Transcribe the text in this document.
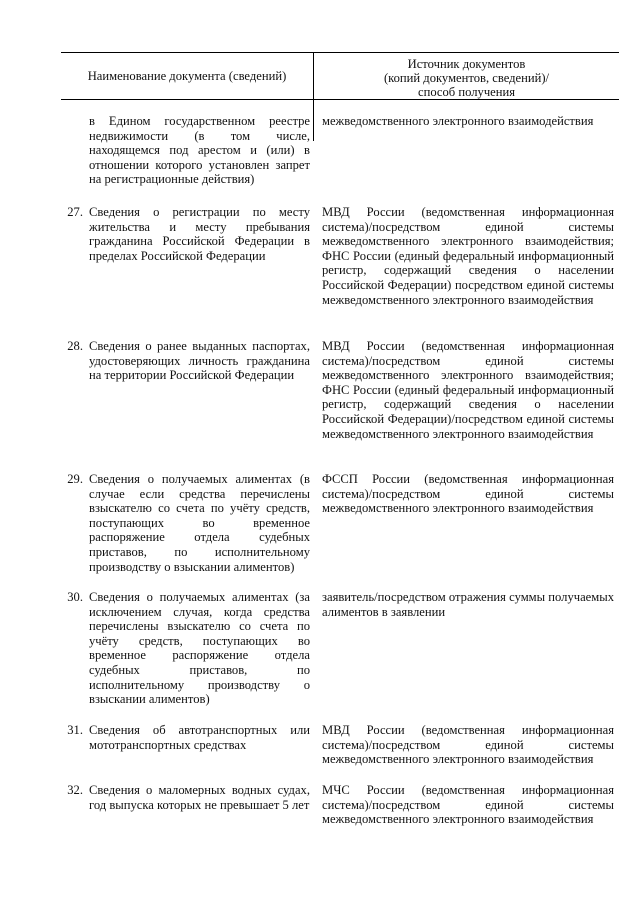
Наименование документа (сведений)
Источник документов
(копий документов, сведений)/
способ получения
в Едином государственном реестре недвижимости (в том числе, находящемся под арестом и (или) в отношении которого установлен запрет на регистрационные действия)
межведомственного электронного взаимодействия
27. Сведения о регистрации по месту жительства и месту пребывания гражданина Российской Федерации в пределах Российской Федерации
МВД России (ведомственная информационная система)/посредством единой системы межведомственного электронного взаимодействия; ФНС России (единый федеральный информационный регистр, содержащий сведения о населении Российской Федерации) посредством единой системы межведомственного электронного взаимодействия
28. Сведения о ранее выданных паспортах, удостоверяющих личность гражданина на территории Российской Федерации
МВД России (ведомственная информационная система)/посредством единой системы межведомственного электронного взаимодействия; ФНС России (единый федеральный информационный регистр, содержащий сведения о населении Российской Федерации)/посредством единой системы межведомственного электронного взаимодействия
29. Сведения о получаемых алиментах (в случае если средства перечислены взыскателю со счета по учёту средств, поступающих во временное распоряжение отдела судебных приставов, по исполнительному производству о взыскании алиментов)
ФССП России (ведомственная информационная система)/посредством единой системы межведомственного электронного взаимодействия
30. Сведения о получаемых алиментах (за исключением случая, когда средства перечислены взыскателю со счета по учёту средств, поступающих во временное распоряжение отдела судебных приставов, по исполнительному производству о взыскании алиментов)
заявитель/посредством отражения суммы получаемых алиментов в заявлении
31. Сведения об автотранспортных или мототранспортных средствах
МВД России (ведомственная информационная система)/посредством единой системы межведомственного электронного взаимодействия
32. Сведения о маломерных водных судах, год выпуска которых не превышает 5 лет
МЧС России (ведомственная информационная система)/посредством единой системы межведомственного электронного взаимодействия
